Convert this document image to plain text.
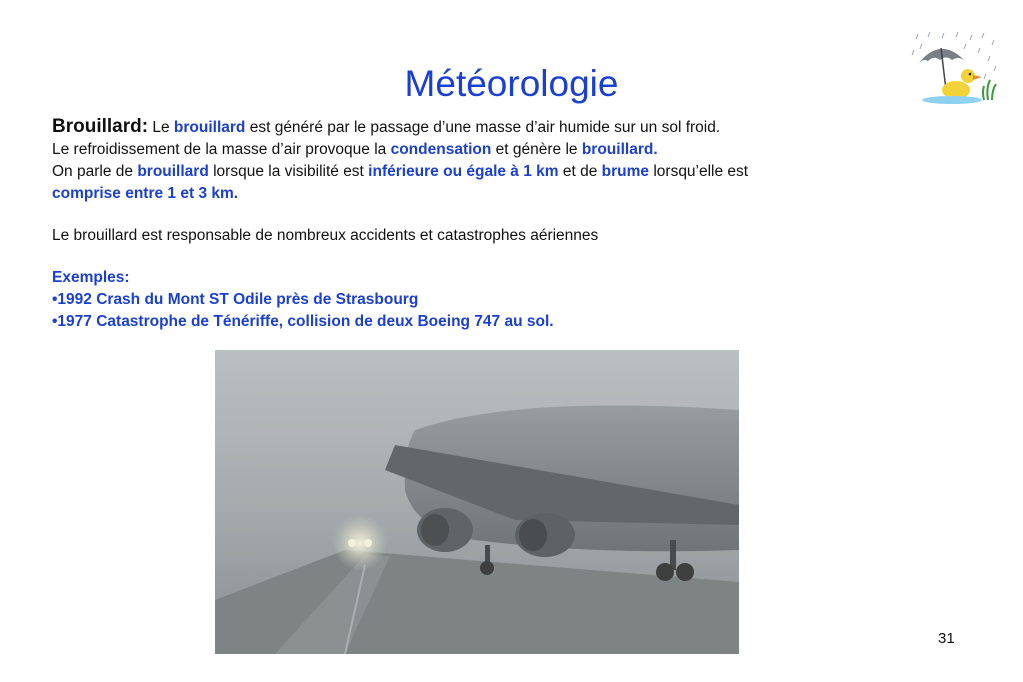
Météorologie

Brouillard: Le brouillard est généré par le passage d’une masse d’air humide sur un sol froid.

Le refroidissement de la masse d’air provoque la condensation et génère le brouillard.

On parle de brouillard lorsque la visibilité est inférieure ou égale à 1 km et de brume lorsqu’elle est

comprise entre 1 et 3 km.

Le brouillard est responsable de nombreux accidents et catastrophes aériennes

Exemples:

•1992 Crash du Mont ST Odile près de Strasbourg

•1977 Catastrophe de Ténériffe, collision de deux Boeing 747 au sol.

31
